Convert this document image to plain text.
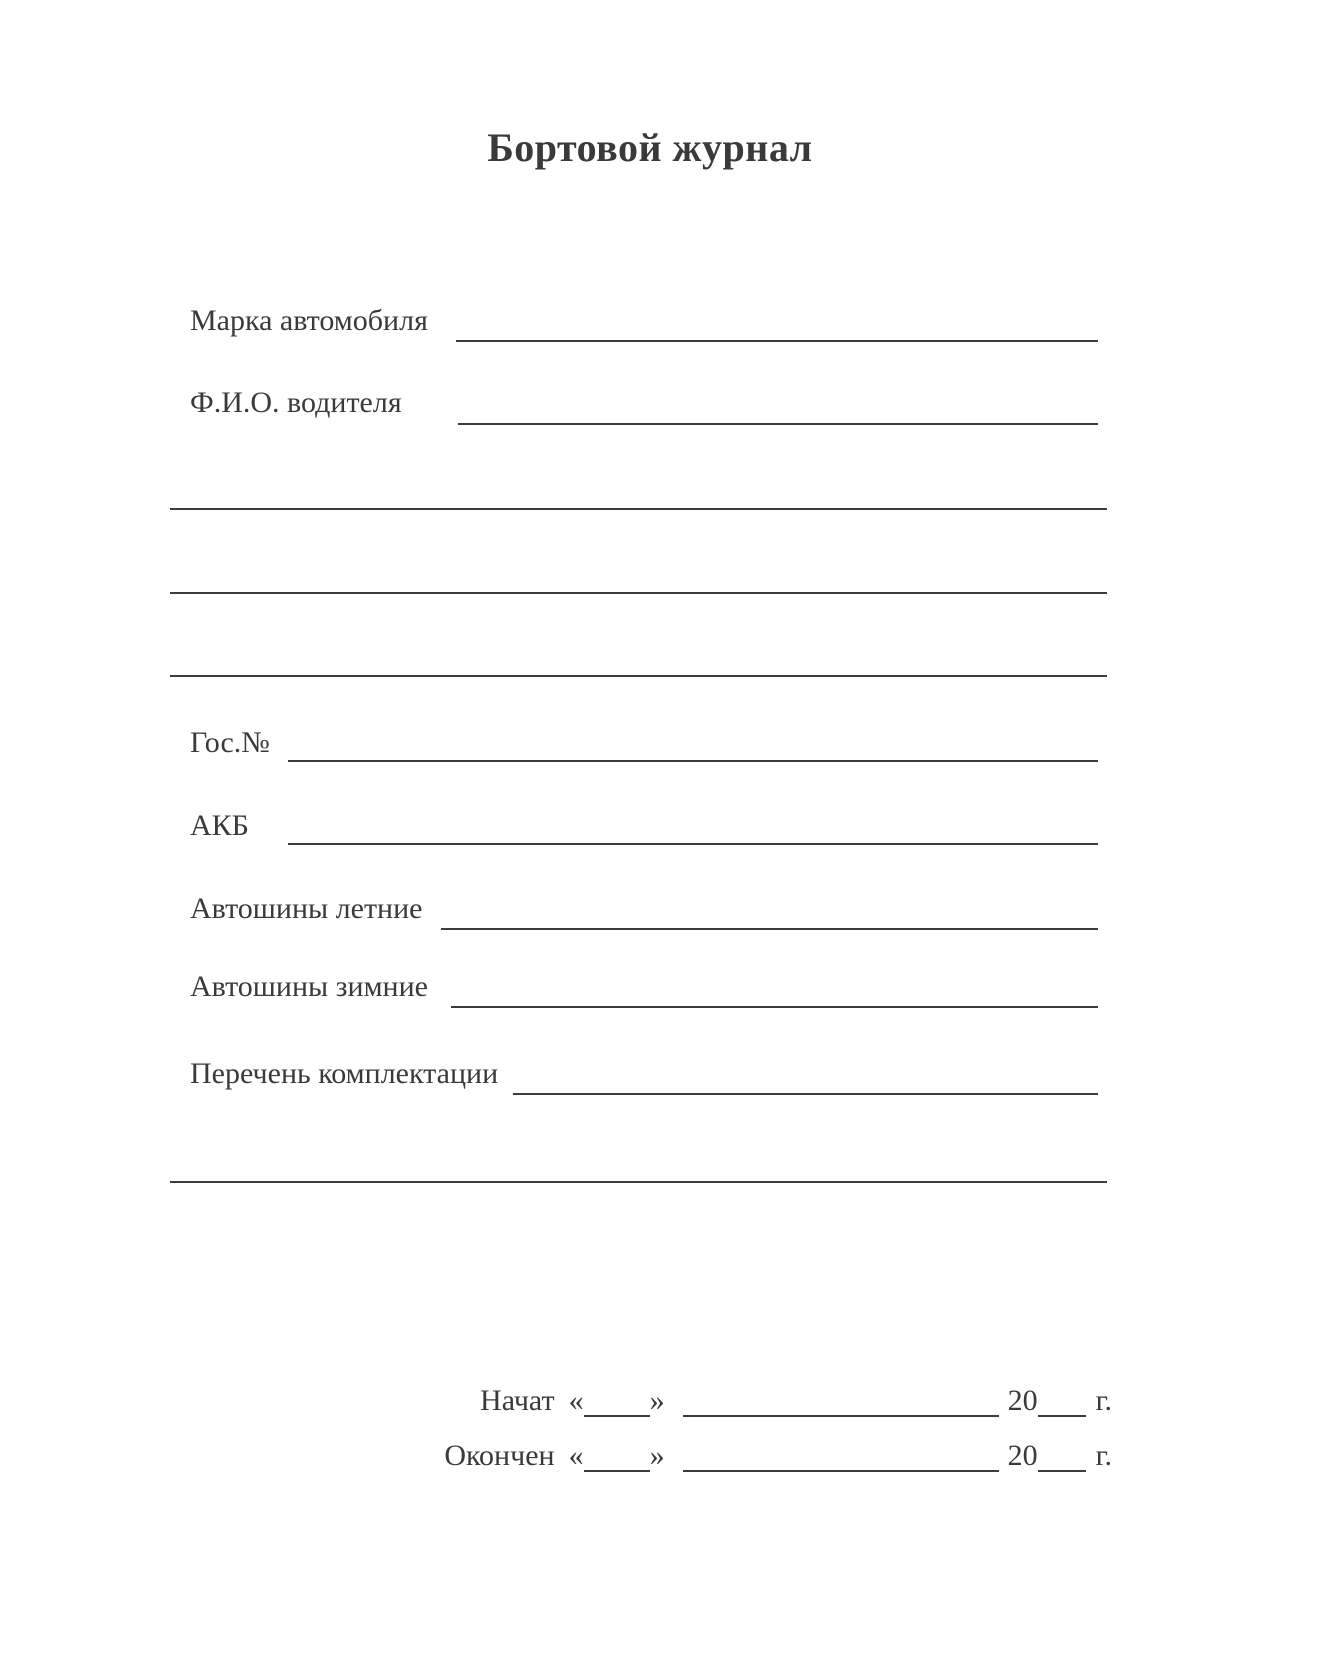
Бортовой журнал
Марка автомобиля
Ф.И.О. водителя
Гос.№
АКБ
Автошины летние
Автошины зимние
Перечень комплектации
Начат « »	20 г.
Окончен « »	20 г.
